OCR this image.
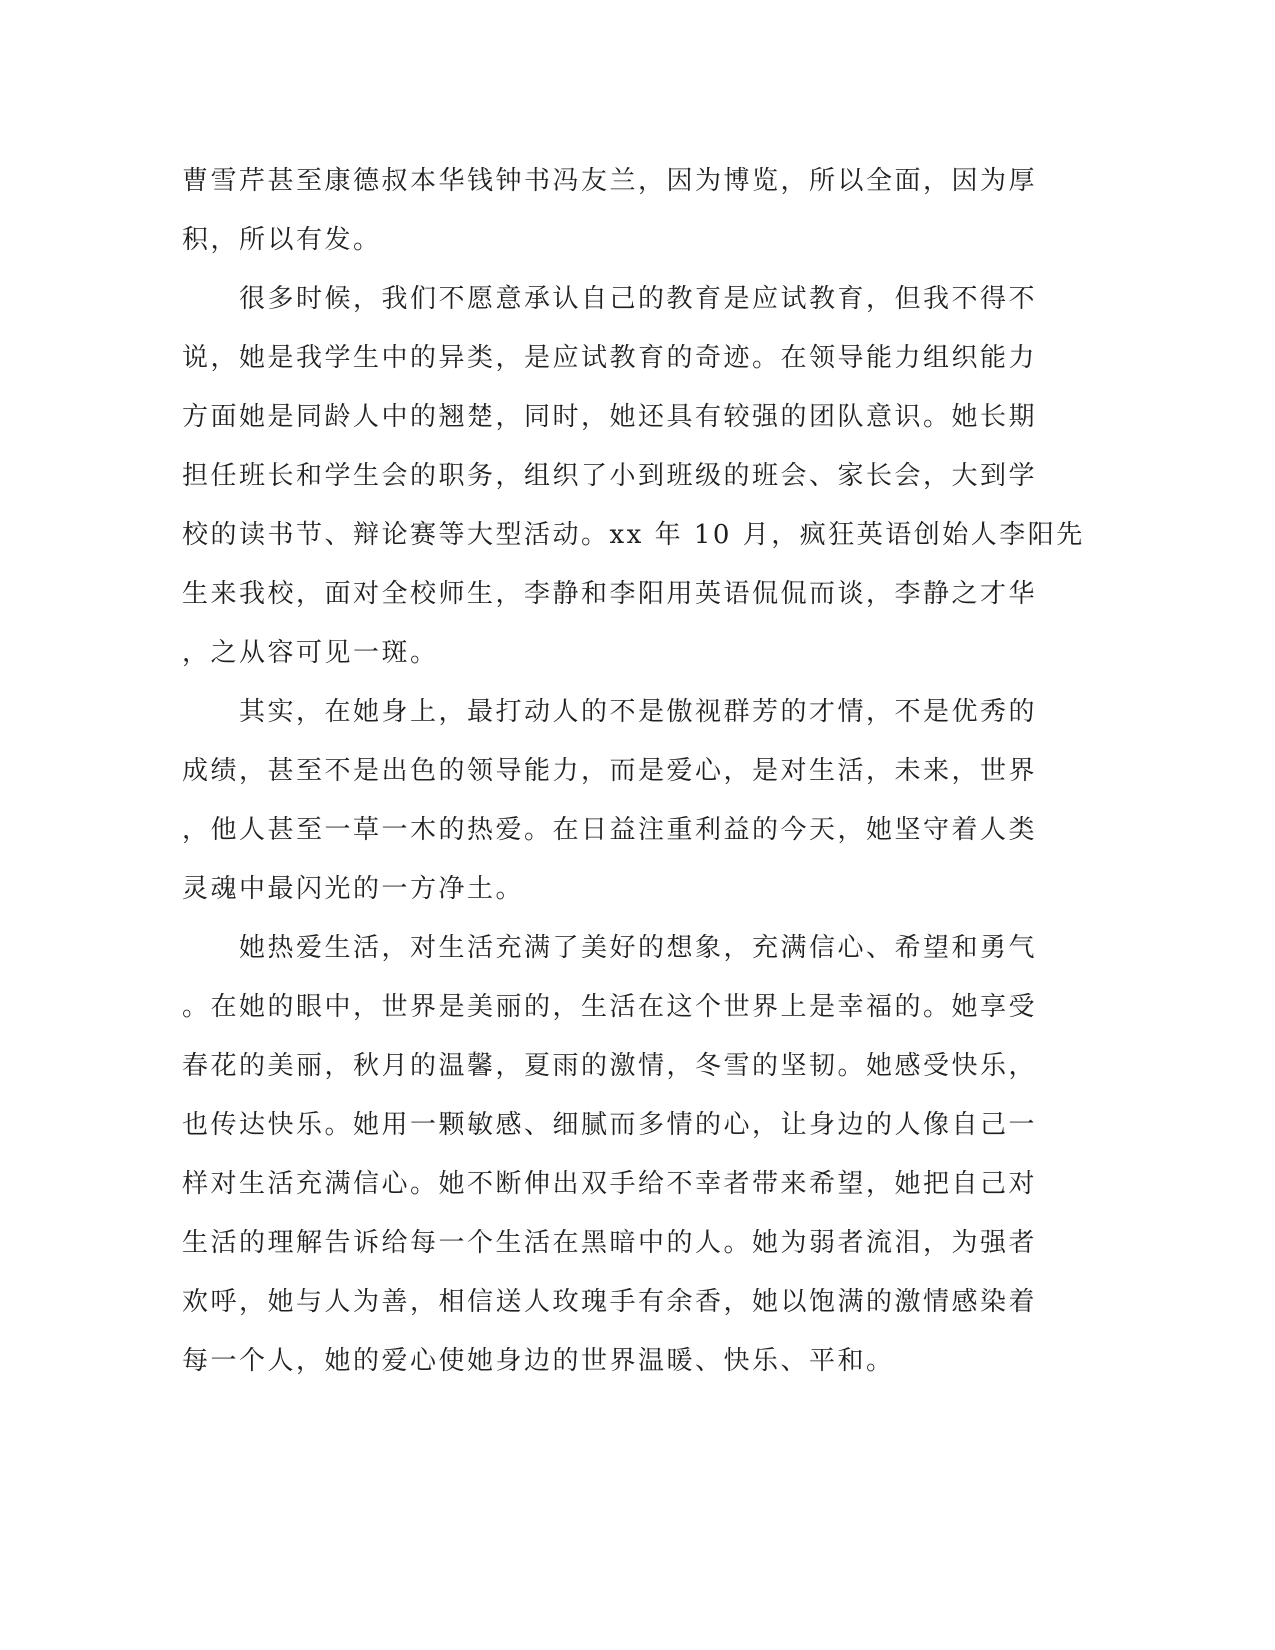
曹雪芹甚至康德叔本华钱钟书冯友兰，因为博览，所以全面，因为厚
积，所以有发。
　　很多时候，我们不愿意承认自己的教育是应试教育，但我不得不
说，她是我学生中的异类，是应试教育的奇迹。在领导能力组织能力
方面她是同龄人中的翘楚，同时，她还具有较强的团队意识。她长期
担任班长和学生会的职务，组织了小到班级的班会、家长会，大到学
校的读书节、辩论赛等大型活动。xx 年 10 月，疯狂英语创始人李阳先
生来我校，面对全校师生，李静和李阳用英语侃侃而谈，李静之才华
，之从容可见一斑。
　　其实，在她身上，最打动人的不是傲视群芳的才情，不是优秀的
成绩，甚至不是出色的领导能力，而是爱心，是对生活，未来，世界
，他人甚至一草一木的热爱。在日益注重利益的今天，她坚守着人类
灵魂中最闪光的一方净土。
　　她热爱生活，对生活充满了美好的想象，充满信心、希望和勇气
。在她的眼中，世界是美丽的，生活在这个世界上是幸福的。她享受
春花的美丽，秋月的温馨，夏雨的激情，冬雪的坚韧。她感受快乐，
也传达快乐。她用一颗敏感、细腻而多情的心，让身边的人像自己一
样对生活充满信心。她不断伸出双手给不幸者带来希望，她把自己对
生活的理解告诉给每一个生活在黑暗中的人。她为弱者流泪，为强者
欢呼，她与人为善，相信送人玫瑰手有余香，她以饱满的激情感染着
每一个人，她的爱心使她身边的世界温暖、快乐、平和。
